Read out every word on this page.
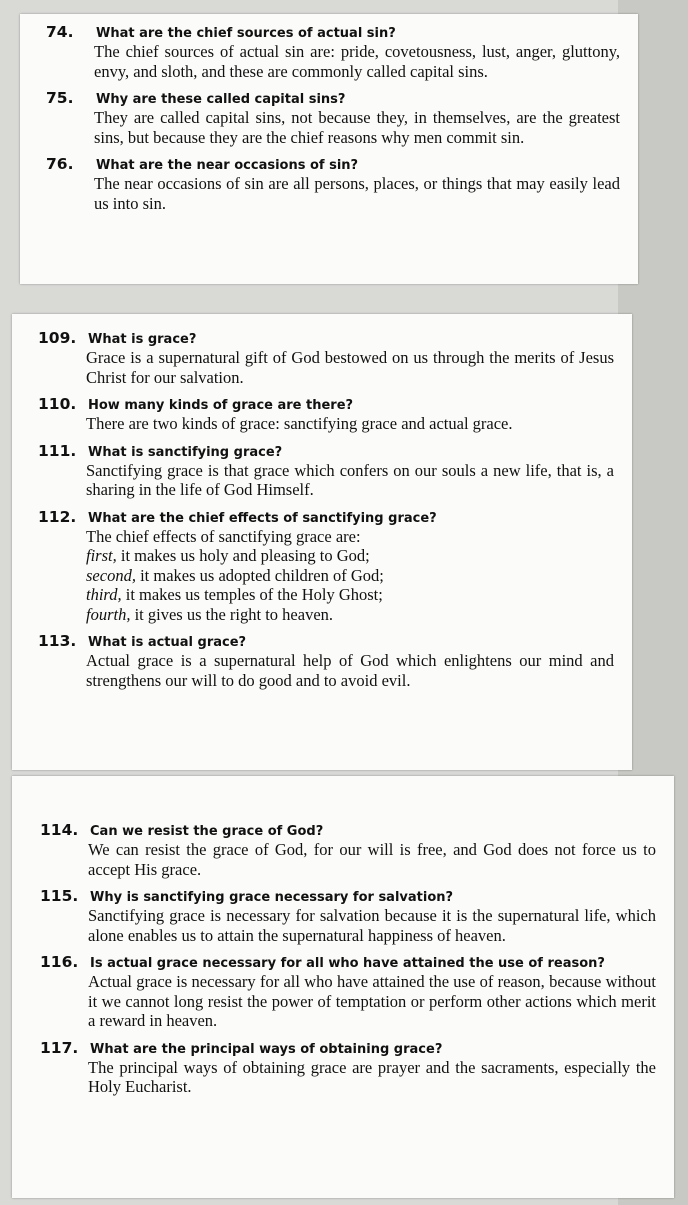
74.	What are the chief sources of actual sin?
The chief sources of actual sin are: pride, covetousness, lust, anger, gluttony, envy, and sloth, and these are commonly called capital sins.
75.	Why are these called capital sins?
They are called capital sins, not because they, in themselves, are the greatest sins, but because they are the chief reasons why men commit sin.
76.	What are the near occasions of sin?
The near occasions of sin are all persons, places, or things that may easily lead us into sin.
109. What is grace?
Grace is a supernatural gift of God bestowed on us through the merits of Jesus Christ for our salvation.
110. How many kinds of grace are there?
There are two kinds of grace: sanctifying grace and actual grace.
111. What is sanctifying grace?
Sanctifying grace is that grace which confers on our souls a new life, that is, a sharing in the life of God Himself.
112. What are the chief effects of sanctifying grace?
The chief effects of sanctifying grace are:
first, it makes us holy and pleasing to God;
second, it makes us adopted children of God;
third, it makes us temples of the Holy Ghost;
fourth, it gives us the right to heaven.
113. What is actual grace?
Actual grace is a supernatural help of God which enlightens our mind and strengthens our will to do good and to avoid evil.
114. Can we resist the grace of God?
We can resist the grace of God, for our will is free, and God does not force us to accept His grace.
115. Why is sanctifying grace necessary for salvation?
Sanctifying grace is necessary for salvation because it is the supernatural life, which alone enables us to attain the supernatural happiness of heaven.
116. Is actual grace necessary for all who have attained the use of reason?
Actual grace is necessary for all who have attained the use of reason, because without it we cannot long resist the power of temptation or perform other actions which merit a reward in heaven.
117. What are the principal ways of obtaining grace?
The principal ways of obtaining grace are prayer and the sacraments, especially the Holy Eucharist.
